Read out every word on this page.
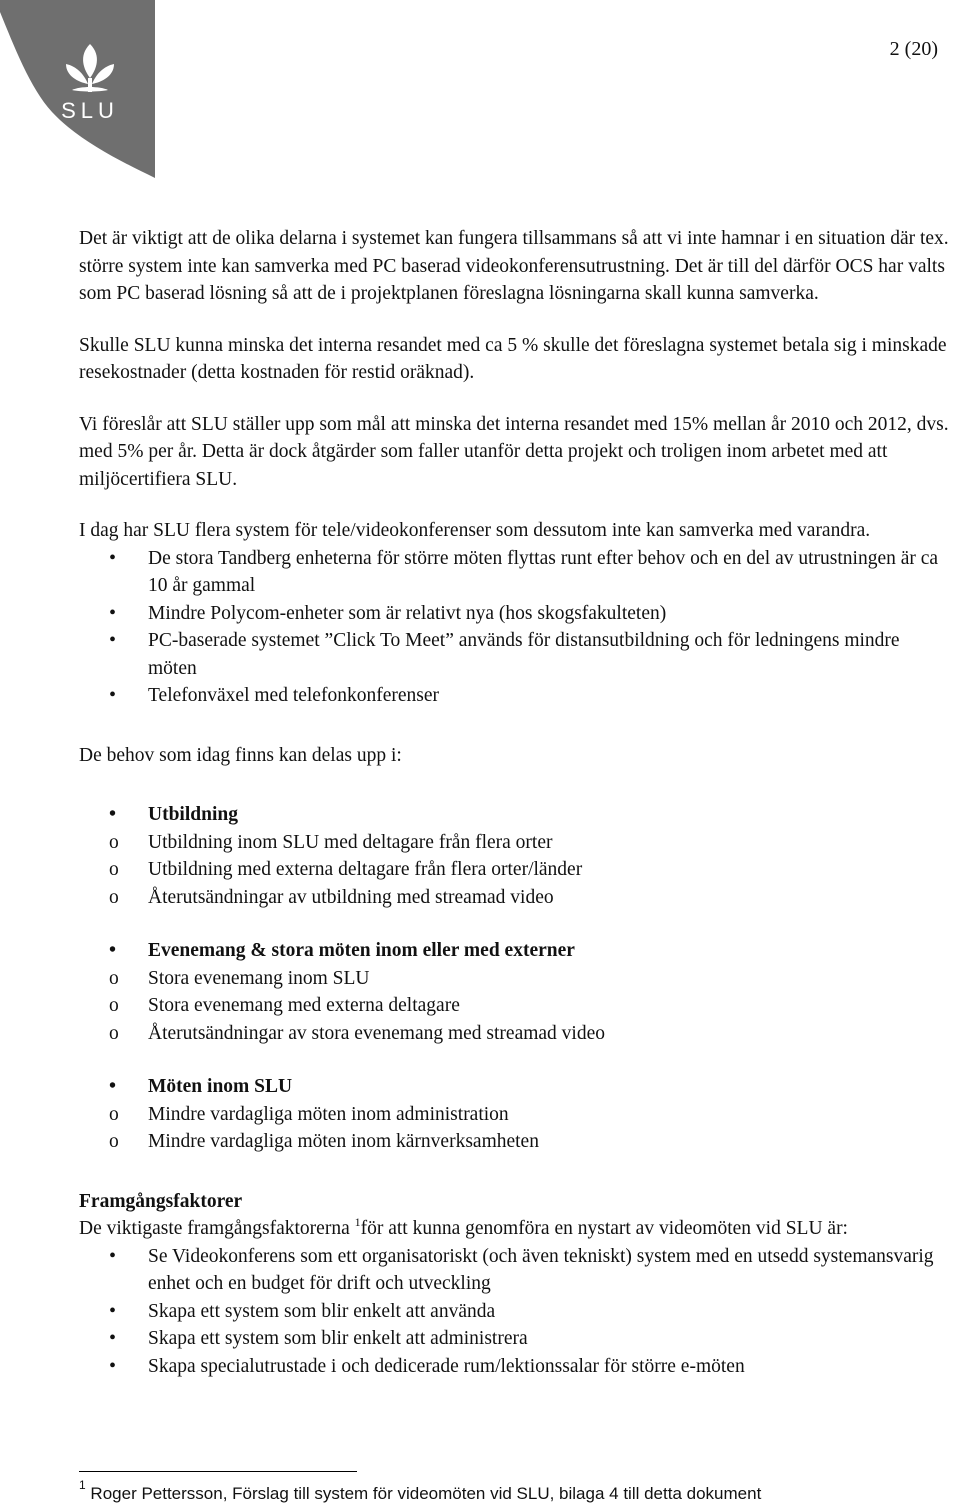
SLU
2 (20)

Det är viktigt att de olika delarna i systemet kan fungera tillsammans så att vi inte hamnar i en situation där tex. större system inte kan samverka med PC baserad videokonferensutrustning. Det är till del därför OCS har valts som PC baserad lösning så att de i projektplanen föreslagna lösningarna skall kunna samverka.

Skulle SLU kunna minska det interna resandet med ca 5 % skulle det föreslagna systemet betala sig i minskade resekostnader (detta kostnaden för restid oräknad).

Vi föreslår att SLU ställer upp som mål att minska det interna resandet med 15% mellan år 2010 och 2012, dvs. med 5% per år. Detta är dock åtgärder som faller utanför detta projekt och troligen inom arbetet med att miljöcertifiera SLU.

I dag har SLU flera system för tele/videokonferenser som dessutom inte kan samverka med varandra.

• De stora Tandberg enheterna för större möten flyttas runt efter behov och en del av utrustningen är ca 10 år gammal
• Mindre Polycom-enheter som är relativt nya (hos skogsfakulteten)
• PC-baserade systemet ”Click To Meet” används för distansutbildning och för ledningens mindre möten
• Telefonväxel med telefonkonferenser

De behov som idag finns kan delas upp i:

• Utbildning
o Utbildning inom SLU med deltagare från flera orter
o Utbildning med externa deltagare från flera orter/länder
o Återutsändningar av utbildning med streamad video
• Evenemang & stora möten inom eller med externer
o Stora evenemang inom SLU
o Stora evenemang med externa deltagare
o Återutsändningar av stora evenemang med streamad video
• Möten inom SLU
o Mindre vardagliga möten inom administration
o Mindre vardagliga möten inom kärnverksamheten

Framgångsfaktorer

De viktigaste framgångsfaktorerna $^1$för att kunna genomföra en nystart av videomöten vid SLU är:

• Se Videokonferens som ett organisatoriskt (och även tekniskt) system med en utsedd systemansvarig enhet och en budget för drift och utveckling
• Skapa ett system som blir enkelt att använda
• Skapa ett system som blir enkelt att administrera
• Skapa specialutrustade i och dedicerade rum/lektionssalar för större e-möten
$^1$ Roger Pettersson, Förslag till system för videomöten vid SLU, bilaga 4 till detta dokument
